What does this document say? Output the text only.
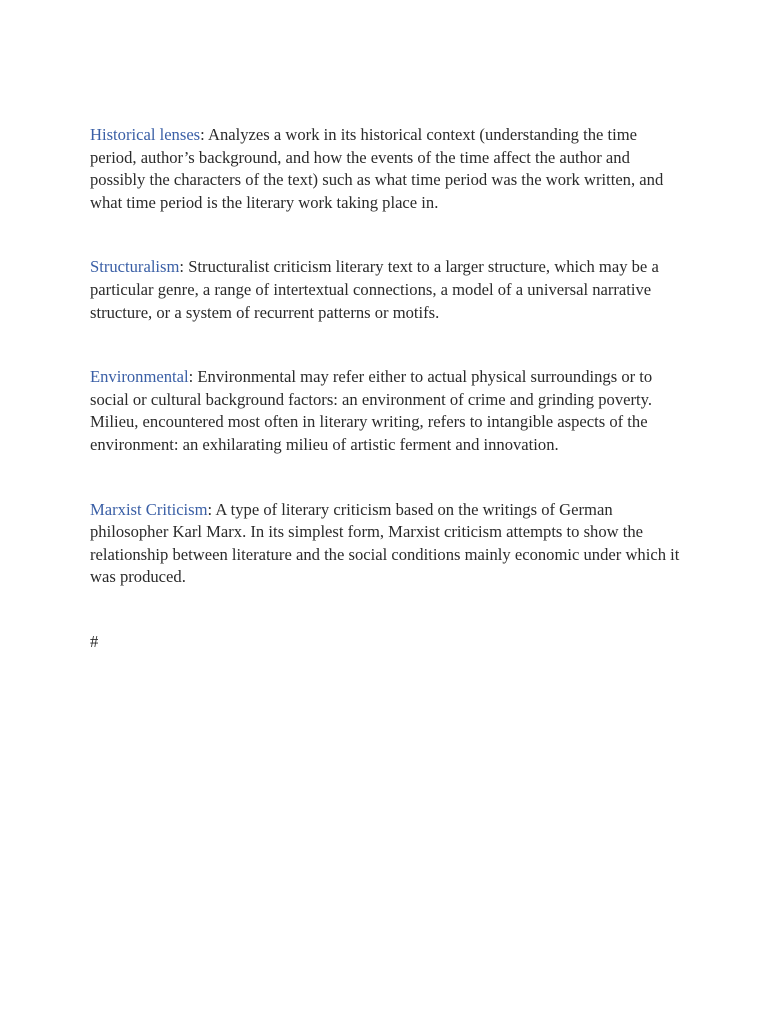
Historical lenses: Analyzes a work in its historical context (understanding the time period, author’s background, and how the events of the time affect the author and possibly the characters of the text) such as what time period was the work written, and what time period is the literary work taking place in.

Structuralism: Structuralist criticism literary text to a larger structure, which may be a particular genre, a range of intertextual connections, a model of a universal narrative structure, or a system of recurrent patterns or motifs.

Environmental: Environmental may refer either to actual physical surroundings or to social or cultural background factors: an environment of crime and grinding poverty. Milieu, encountered most often in literary writing, refers to intangible aspects of the environment: an exhilarating milieu of artistic ferment and innovation.

Marxist Criticism: A type of literary criticism based on the writings of German philosopher Karl Marx. In its simplest form, Marxist criticism attempts to show the relationship between literature and the social conditions mainly economic under which it was produced.

#
